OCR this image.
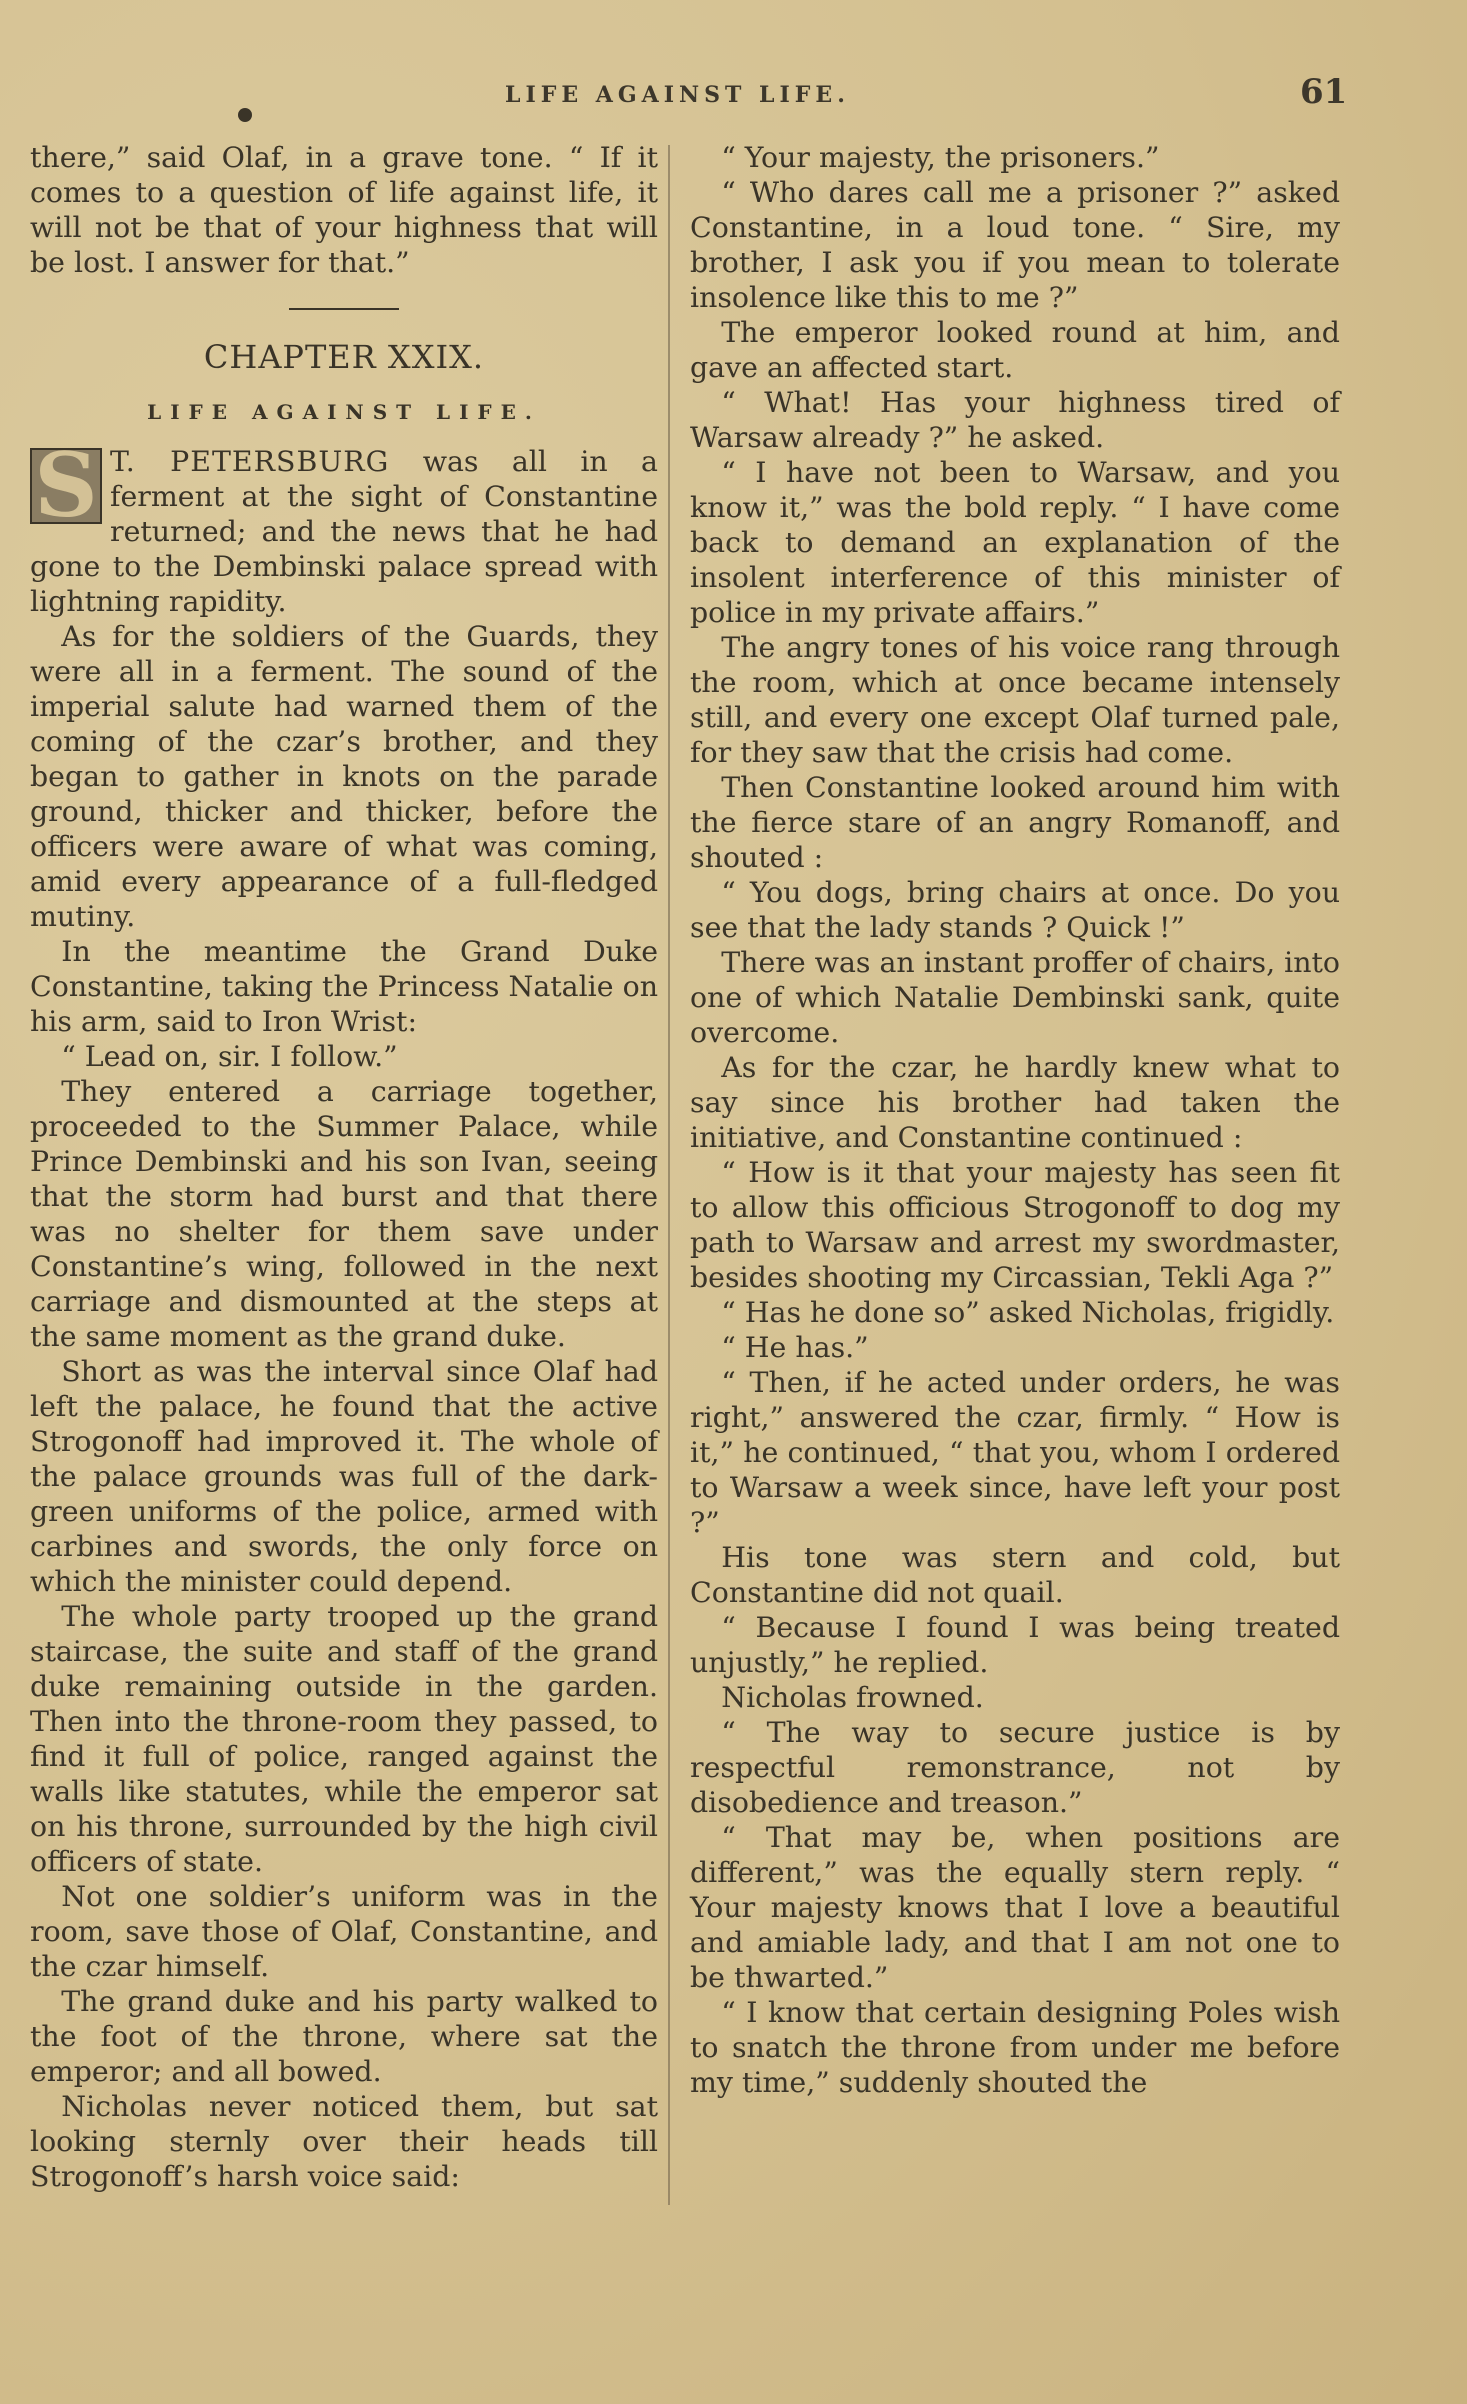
LIFE AGAINST LIFE.	61

there,” said Olaf, in a grave tone. “ If it comes to a question of life against life, it will not be that of your highness that will be lost. I answer for that.”

CHAPTER XXIX.

LIFE AGAINST LIFE.

S T. PETERSBURG was all in a ferment at the sight of Constantine returned; and the news that he had gone to the Dembinski palace spread with lightning rapidity.

As for the soldiers of the Guards, they were all in a ferment. The sound of the imperial salute had warned them of the coming of the czar’s brother, and they began to gather in knots on the parade ground, thicker and thicker, before the officers were aware of what was coming, amid every appearance of a full-fledged mutiny.

In the meantime the Grand Duke Constantine, taking the Princess Natalie on his arm, said to Iron Wrist:

“ Lead on, sir. I follow.”

They entered a carriage together, proceeded to the Summer Palace, while Prince Dembinski and his son Ivan, seeing that the storm had burst and that there was no shelter for them save under Constantine’s wing, followed in the next carriage and dismounted at the steps at the same moment as the grand duke.

Short as was the interval since Olaf had left the palace, he found that the active Strogonoff had improved it. The whole of the palace grounds was full of the dark-green uniforms of the police, armed with carbines and swords, the only force on which the minister could depend.

The whole party trooped up the grand staircase, the suite and staff of the grand duke remaining outside in the garden. Then into the throne-room they passed, to find it full of police, ranged against the walls like statutes, while the emperor sat on his throne, surrounded by the high civil officers of state.

Not one soldier’s uniform was in the room, save those of Olaf, Constantine, and the czar himself.

The grand duke and his party walked to the foot of the throne, where sat the emperor; and all bowed.

Nicholas never noticed them, but sat looking sternly over their heads till Strogonoff’s harsh voice said:

“ Your majesty, the prisoners.”

“ Who dares call me a prisoner ?” asked Constantine, in a loud tone. “ Sire, my brother, I ask you if you mean to tolerate insolence like this to me ?”

The emperor looked round at him, and gave an affected start.

“ What! Has your highness tired of Warsaw already ?” he asked.

“ I have not been to Warsaw, and you know it,” was the bold reply. “ I have come back to demand an explanation of the insolent interference of this minister of police in my private affairs.”

The angry tones of his voice rang through the room, which at once became intensely still, and every one except Olaf turned pale, for they saw that the crisis had come.

Then Constantine looked around him with the fierce stare of an angry Romanoff, and shouted :

“ You dogs, bring chairs at once. Do you see that the lady stands ? Quick !”

There was an instant proffer of chairs, into one of which Natalie Dembinski sank, quite overcome.

As for the czar, he hardly knew what to say since his brother had taken the initiative, and Constantine continued :

“ How is it that your majesty has seen fit to allow this officious Strogonoff to dog my path to Warsaw and arrest my swordmaster, besides shooting my Circassian, Tekli Aga ?”

“ Has he done so” asked Nicholas, frigidly.

“ He has.”

“ Then, if he acted under orders, he was right,” answered the czar, firmly. “ How is it,” he continued, “ that you, whom I ordered to Warsaw a week since, have left your post ?”

His tone was stern and cold, but Constantine did not quail.

“ Because I found I was being treated unjustly,” he replied.

Nicholas frowned.

“ The way to secure justice is by respectful remonstrance, not by disobedience and treason.”

“ That may be, when positions are different,” was the equally stern reply. “ Your majesty knows that I love a beautiful and amiable lady, and that I am not one to be thwarted.”

“ I know that certain designing Poles wish to snatch the throne from under me before my time,” suddenly shouted the
